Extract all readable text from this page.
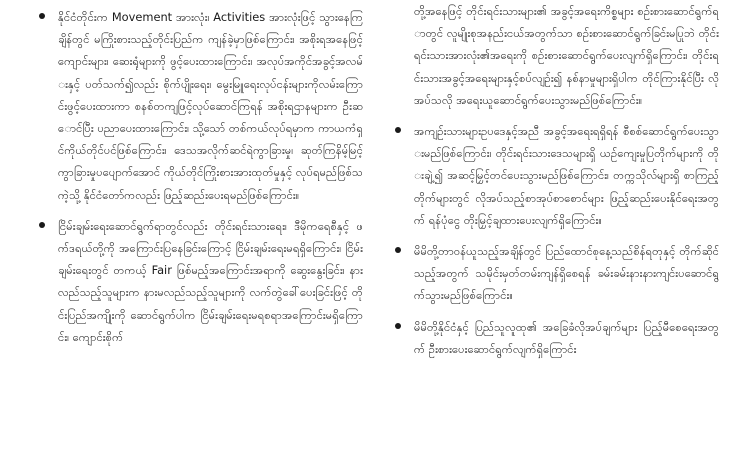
နိုင်ငံတိုင်းက Movement အားလုံး၊ Activities အားလုံးဖြင့် သွားနေကြချိန်တွင် မကြိုးစားသည့်တိုင်းပြည်က ကျန်ခဲ့မှာဖြစ်ကြောင်း၊ အစိုးရအနေဖြင့် ကျောင်းများ၊ ဆေးရုံများကို ဖွင့်ပေးထားကြောင်း၊ အလုပ်အကိုင်အခွင့်အလမ်းနှင့် ပတ်သက်၍လည်း စိုက်ပျိုးရေး၊ မွေးမြူရေးလုပ်ငန်းများကိုလမ်းကြောင်းဖွင့်ပေးထားကာ စနစ်တကျဖြင့်လုပ်ဆောင်ကြရန် အစိုးရဌာနများက ဦးဆောင်ပြီး ပညာပေးထားကြောင်း၊ သို့သော် တစ်ကယ်လုပ်ရမှာက ကာယကံရှင်ကိုယ်တိုင်ပင်ဖြစ်ကြောင်း၊ ဒေသအလိုက်ဆင်ရဲကွာခြားမှု၊ ဆုတ်ကြနိမ့်မြင့်ကွာခြားမှုပပျောက်အောင် ကိုယ်တိုင်ကြိုးစားအားထုတ်မှုနှင့် လုပ်ရမည်ဖြစ်သကဲ့သို့ နိုင်ငံတော်ကလည်း ဖြည့်ဆည်းပေးရမည်ဖြစ်ကြောင်း။
ငြိမ်းချမ်းရေးဆောင်ရွက်ရာတွင်လည်း တိုင်းရင်းသားရေး၊ ဒီမိုကရေစီနှင့် ဖက်ဒရယ်တို့ကို အကြောင်းပြနေခြင်းကြောင့် ငြိမ်းချမ်းရေးမရရှိကြောင်း၊ ငြိမ်းချမ်းရေးတွင် တကယ့် Fair ဖြစ်မည့်အကြောင်းအရာကို ဆွေးနွေးခြင်း၊ နားလည်သည့်သူများက နားမလည်သည့်သူများကို လက်တွဲခေါ်ပေးခြင်းဖြင့် တိုင်းပြည်အကျိုးကို ဆောင်ရွက်ပါက ငြိမ်းချမ်းရေးမရစရာအကြောင်းမရှိကြောင်း၊ ကျောင်းစိုက်
တို့အနေဖြင့် တိုင်းရင်းသားများ၏ အခွင့်အရေးကိစ္စများ စဉ်းစားဆောင်ရွက်ရာတွင် လူမျိုးစုအနည်းငယ်အတွက်သာ စဉ်းစားဆောင်ရွက်ခြင်းမပြုဘဲ တိုင်းရင်းသားအားလုံး၏အရေးကို စဉ်းစားဆောင်ရွက်ပေးလျက်ရှိကြောင်း၊ တိုင်းရင်းသားအခွင့်အရေးများနှင့်စပ်လျဉ်း၍ နစ်နာမှုများရှိပါက တိုင်ကြားနိုင်ပြီး လိုအပ်သလို အရေးယူဆောင်ရွက်ပေးသွားမည်ဖြစ်ကြောင်း။
အကျဉ်းသားများဥပဒေနှင့်အညီ အခွင့်အရေးရရှိရန် စီစစ်ဆောင်ရွက်ပေးသွားမည်ဖြစ်ကြောင်း၊ တိုင်းရင်းသားဒေသများရှိ ယဉ်ကျေးမှုပြတိုက်များကို တိုးချဲ့၍ အဆင့်မြှင့်တင်ပေးသွားမည်ဖြစ်ကြောင်း၊ တက္ကသိုလ်များရှိ စာကြည့်တိုက်များတွင် လိုအပ်သည့်စာအုပ်စာစောင်များ ဖြည့်ဆည်းပေးနိုင်ရေးအတွက် ရန်ပုံငွေ တိုးမြှင့်ချထားပေးလျက်ရှိကြောင်း။
မိမိတို့တာဝန်ယူသည့်အချိန်တွင် ပြည်ထောင်စုနေ့သည်စိန်ရတုနှင့် တိုက်ဆိုင်သည့်အတွက် သမိုင်းမှတ်တမ်းကျန်ရှိစေရန် ခမ်းခမ်းနားနားကျင်းပဆောင်ရွက်သွားမည်ဖြစ်ကြောင်း။
မိမိတို့နိုင်ငံနှင့် ပြည်သူလူထု၏ အခြေခံလိုအပ်ချက်များ ပြည့်မီစေရေးအတွက် ဦးစားပေးဆောင်ရွက်လျက်ရှိကြောင်း
